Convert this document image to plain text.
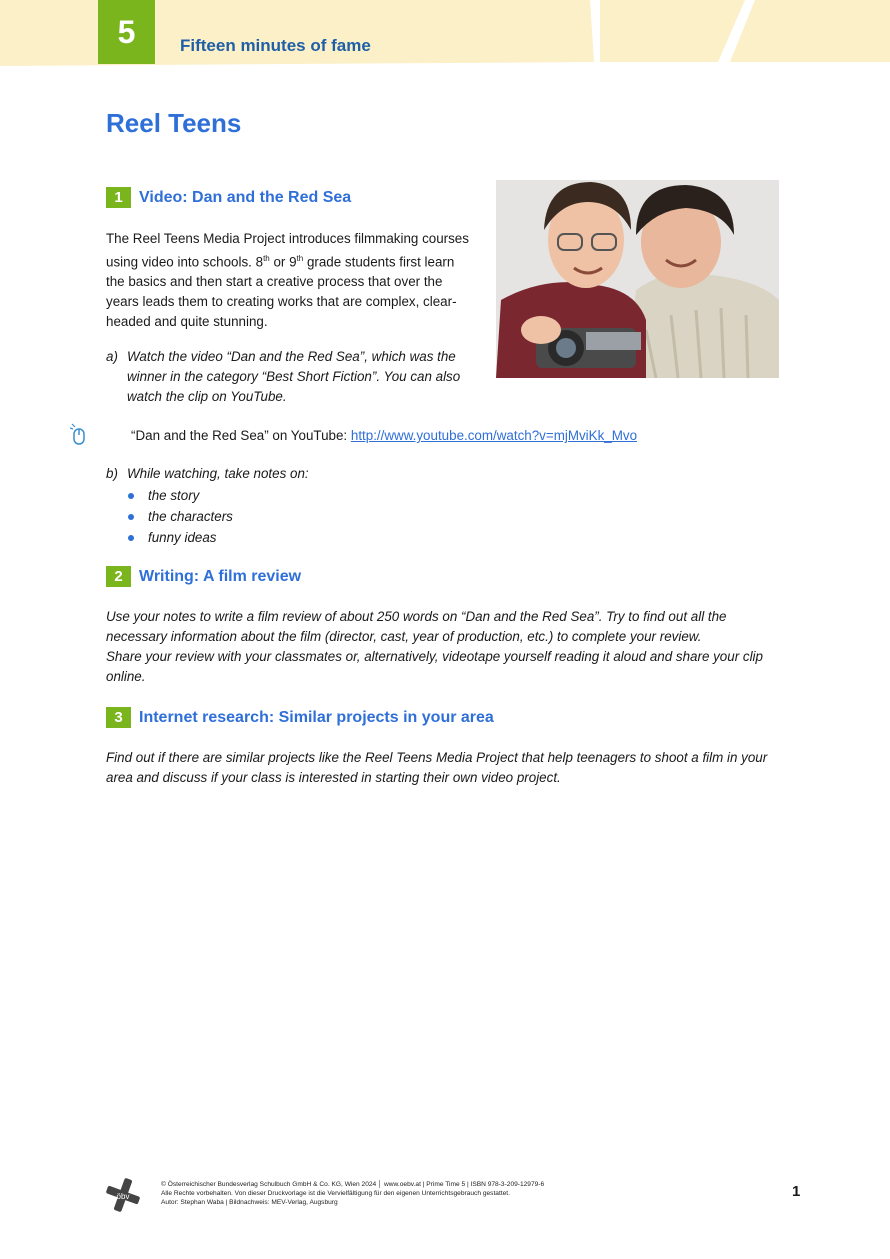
5	Fifteen minutes of fame
Reel Teens
1	Video: Dan and the Red Sea
The Reel Teens Media Project introduces filmmaking courses
using video into schools. 8th or 9th grade students first learn
the basics and then start a creative process that over the
years leads them to creating works that are complex, clear-
headed and quite stunning.
a) Watch the video “Dan and the Red Sea”, which was the
winner in the category “Best Short Fiction”. You can also
watch the clip on YouTube.
“Dan and the Red Sea” on YouTube: http://www.youtube.com/watch?v=mjMviKk_Mvo
b) While watching, take notes on:
the story
the characters
funny ideas
2	Writing: A film review
Use your notes to write a film review of about 250 words on “Dan and the Red Sea”. Try to find out all the
necessary information about the film (director, cast, year of production, etc.) to complete your review.
Share your review with your classmates or, alternatively, videotape yourself reading it aloud and share your clip
online.
3	Internet research: Similar projects in your area
Find out if there are similar projects like the Reel Teens Media Project that help teenagers to shoot a film in your
area and discuss if your class is interested in starting their own video project.
öbv
© Österreichischer Bundesverlag Schulbuch GmbH & Co. KG, Wien 2024 │ www.oebv.at | Prime Time 5 | ISBN 978-3-209-12979-6
Alle Rechte vorbehalten. Von dieser Druckvorlage ist die Vervielfältigung für den eigenen Unterrichtsgebrauch gestattet.
Autor: Stephan Waba | Bildnachweis: MEV-Verlag, Augsburg
1
